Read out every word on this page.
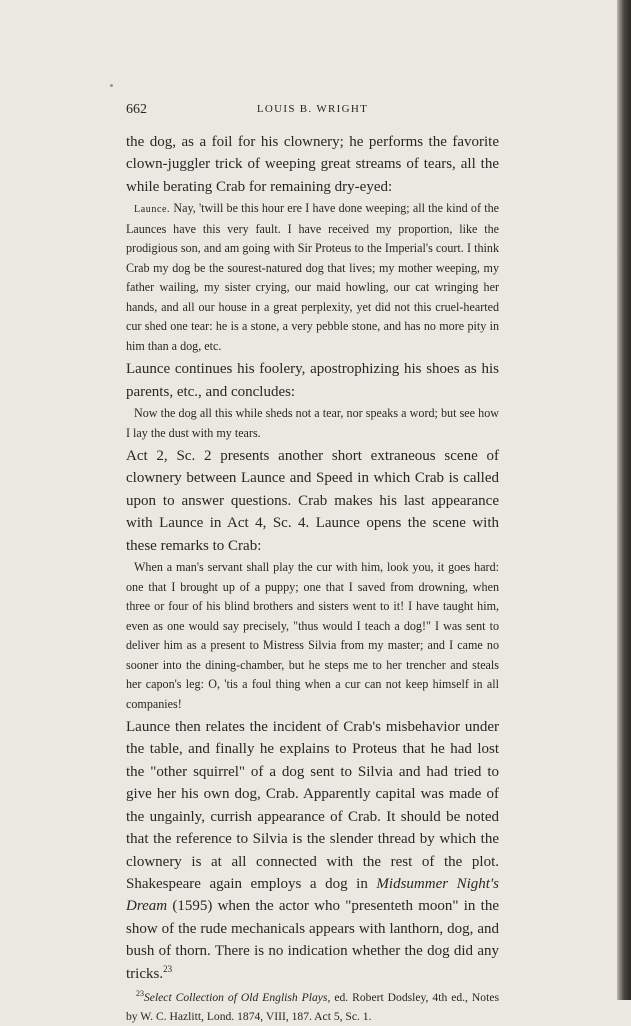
662	LOUIS B. WRIGHT

the dog, as a foil for his clownery; he performs the favorite clown-juggler trick of weeping great streams of tears, all the while berating Crab for remaining dry-eyed:

Launce. Nay, 'twill be this hour ere I have done weeping; all the kind of the Launces have this very fault. I have received my proportion, like the prodigious son, and am going with Sir Proteus to the Imperial's court. I think Crab my dog be the sourest-natured dog that lives; my mother weeping, my father wailing, my sister crying, our maid howling, our cat wringing her hands, and all our house in a great perplexity, yet did not this cruel-hearted cur shed one tear: he is a stone, a very pebble stone, and has no more pity in him than a dog, etc.

Launce continues his foolery, apostrophizing his shoes as his parents, etc., and concludes:

Now the dog all this while sheds not a tear, nor speaks a word; but see how I lay the dust with my tears.

Act 2, Sc. 2 presents another short extraneous scene of clownery between Launce and Speed in which Crab is called upon to answer questions. Crab makes his last appearance with Launce in Act 4, Sc. 4. Launce opens the scene with these remarks to Crab:

When a man's servant shall play the cur with him, look you, it goes hard: one that I brought up of a puppy; one that I saved from drowning, when three or four of his blind brothers and sisters went to it! I have taught him, even as one would say precisely, "thus would I teach a dog!" I was sent to deliver him as a present to Mistress Silvia from my master; and I came no sooner into the dining-chamber, but he steps me to her trencher and steals her capon's leg: O, 'tis a foul thing when a cur can not keep himself in all companies!

Launce then relates the incident of Crab's misbehavior under the table, and finally he explains to Proteus that he had lost the "other squirrel" of a dog sent to Silvia and had tried to give her his own dog, Crab. Apparently capital was made of the ungainly, currish appearance of Crab. It should be noted that the reference to Silvia is the slender thread by which the clownery is at all connected with the rest of the plot. Shakespeare again employs a dog in Midsummer Night's Dream (1595) when the actor who "presenteth moon" in the show of the rude mechanicals appears with lanthorn, dog, and bush of thorn. There is no indication whether the dog did any tricks.$^{23}$

$^{23}$Select Collection of Old English Plays, ed. Robert Dodsley, 4th ed., Notes by W. C. Hazlitt, Lond. 1874, VIII, 187. Act 5, Sc. 1.
